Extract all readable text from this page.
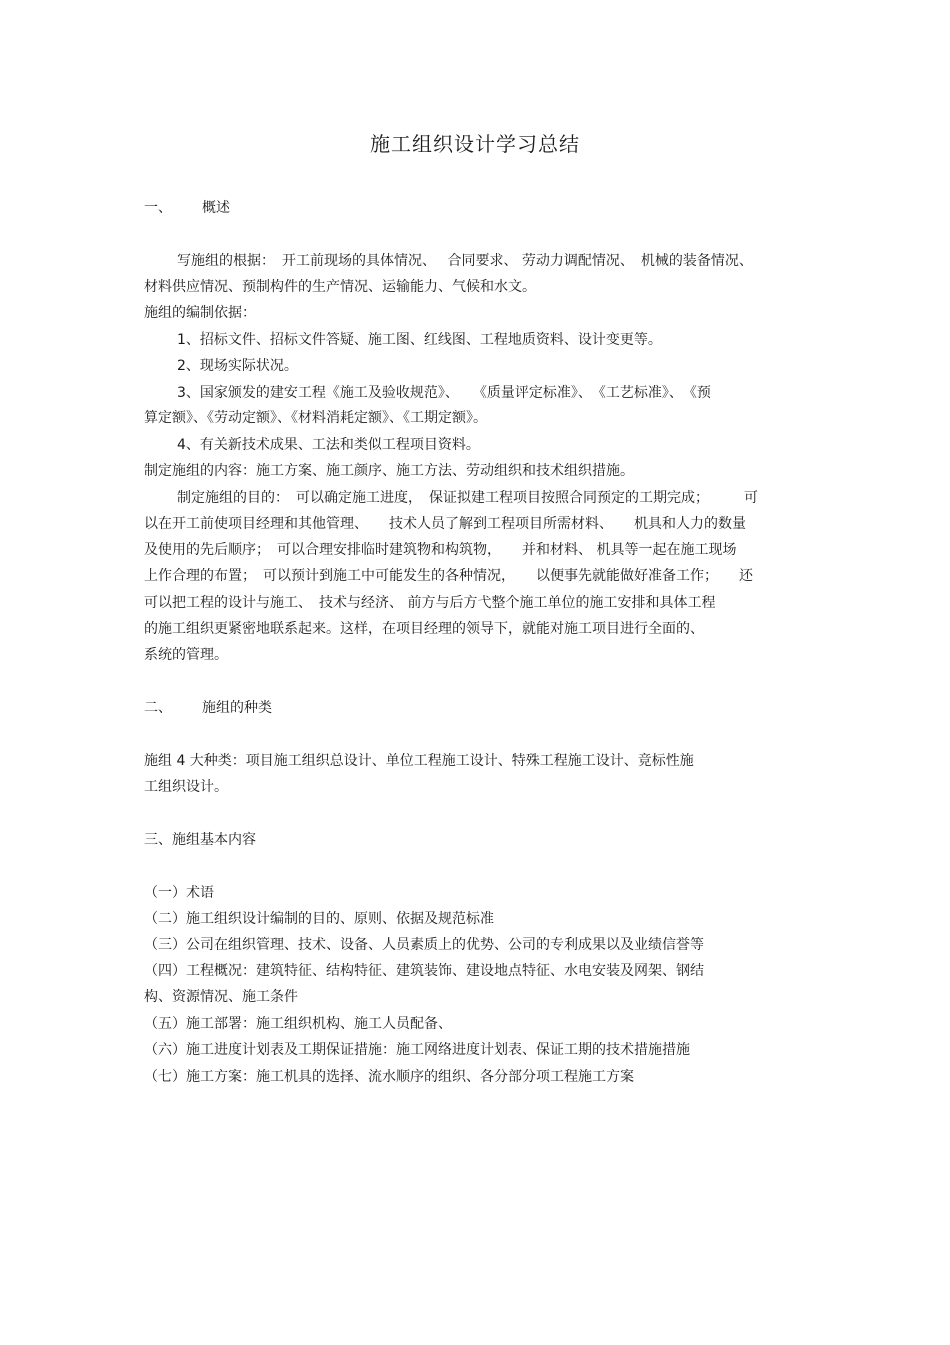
施工组织设计学习总结
一、 概述
写施组的根据：　开工前现场的具体情况、　 合同要求、 劳动力调配情况、　机械的装备情况、
材料供应情况、预制构件的生产情况、运输能力、气候和水文。
施组的编制依据：
1、招标文件、招标文件答疑、施工图、红线图、工程地质资料、设计变更等。
2、现场实际状况。
3、国家颁发的建安工程《施工及验收规范》、　　《质量评定标准》、　《工艺标准》、　《预
算定额》、《劳动定额》、《材料消耗定额》、《工期定额》。
4、有关新技术成果、工法和类似工程项目资料。
制定施组的内容：施工方案、施工颜序、施工方法、劳动组织和技术组织措施。
制定施组的目的：　可以确定施工进度，　保证拟建工程项目按照合同预定的工期完成；　　　可
以在开工前使项目经理和其他管理、　　技术人员了解到工程项目所需材料、　　机具和人力的数量
及使用的先后顺序；　可以合理安排临时建筑物和构筑物，　　并和材料、 机具等一起在施工现场
上作合理的布置；　可以预计到施工中可能发生的各种情况，　　以便事先就能做好准备工作；　　还
可以把工程的设计与施工、　技术与经济、 前方与后方弋整个施工单位的施工安排和具体工程
的施工组织更紧密地联系起来。这样，在项目经理的领导下，就能对施工项目进行全面的、
系统的管理。
二、 施组的种类
施组 4 大种类：项目施工组织总设计、单位工程施工设计、特殊工程施工设计、竞标性施
工组织设计。
三、施组基本内容
（一）术语
（二）施工组织设计编制的目的、原则、依据及规范标准
（三）公司在组织管理、技术、设备、人员素质上的优势、公司的专利成果以及业绩信誉等
（四）工程概况：建筑特征、结构特征、建筑装饰、建设地点特征、水电安装及网架、钢结
构、资源情况、施工条件
（五）施工部署：施工组织机构、施工人员配备、
（六）施工进度计划表及工期保证措施：施工网络进度计划表、保证工期的技术措施措施
（七）施工方案：施工机具的选择、流水顺序的组织、各分部分项工程施工方案
